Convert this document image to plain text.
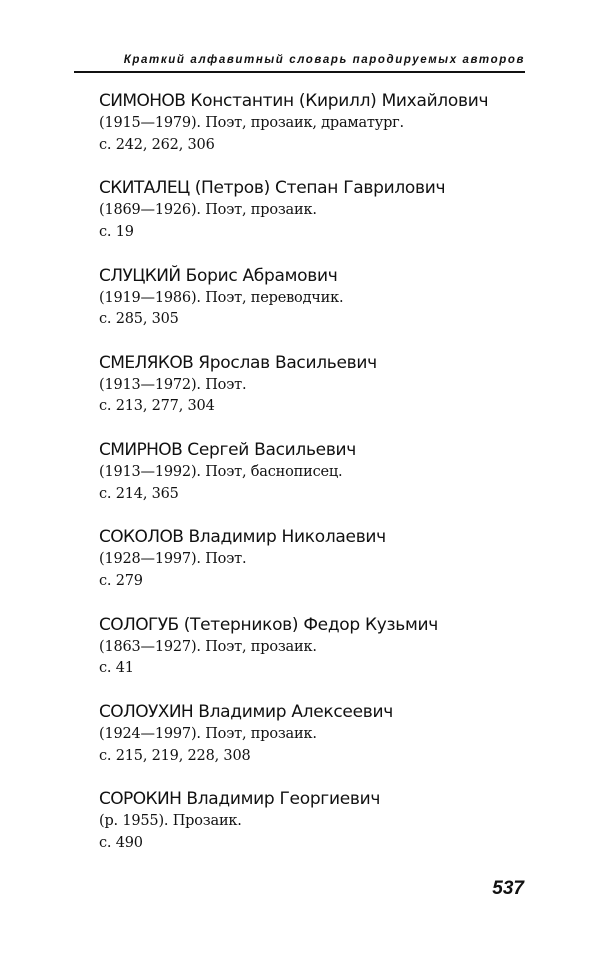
Краткий алфавитный словарь пародируемых авторов
СИМОНОВ Константин (Кирилл) Михайлович
(1915—1979). Поэт, прозаик, драматург.
с. 242, 262, 306
СКИТАЛЕЦ (Петров) Степан Гаврилович
(1869—1926). Поэт, прозаик.
с. 19
СЛУЦКИЙ Борис Абрамович
(1919—1986). Поэт, переводчик.
с. 285, 305
СМЕЛЯКОВ Ярослав Васильевич
(1913—1972). Поэт.
с. 213, 277, 304
СМИРНОВ Сергей Васильевич
(1913—1992). Поэт, баснописец.
с. 214, 365
СОКОЛОВ Владимир Николаевич
(1928—1997). Поэт.
с. 279
СОЛОГУБ (Тетерников) Федор Кузьмич
(1863—1927). Поэт, прозаик.
с. 41
СОЛОУХИН Владимир Алексеевич
(1924—1997). Поэт, прозаик.
с. 215, 219, 228, 308
СОРОКИН Владимир Георгиевич
(р. 1955). Прозаик.
с. 490
537
